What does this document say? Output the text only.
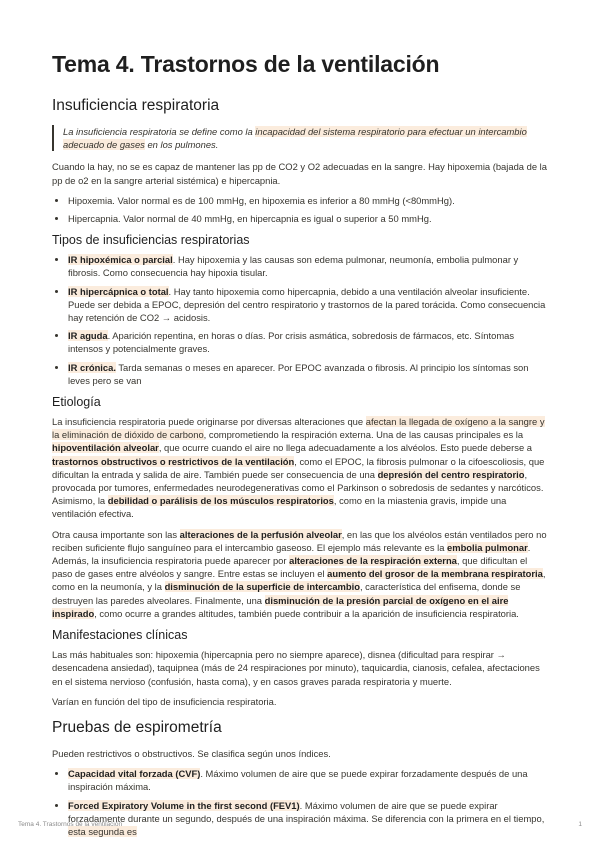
Tema 4. Trastornos de la ventilación
Insuficiencia respiratoria

La insuficiencia respiratoria se define como la incapacidad del sistema respiratorio para efectuar un intercambio adecuado de gases en los pulmones.

Cuando la hay, no se es capaz de mantener las pp de CO2 y O2 adecuadas en la sangre. Hay hipoxemia (bajada de la pp de o2 en la sangre arterial sistémica) e hipercapnia.

• Hipoxemia. Valor normal es de 100 mmHg, en hipoxemia es inferior a 80 mmHg (<80mmHg).
• Hipercapnia. Valor normal de 40 mmHg, en hipercapnia es igual o superior a 50 mmHg.
Tipos de insuficiencias respiratorias
• IR hipoxémica o parcial. Hay hipoxemia y las causas son edema pulmonar, neumonía, embolia pulmonar y fibrosis. Como consecuencia hay hipoxia tisular.
• IR hipercápnica o total. Hay tanto hipoxemia como hipercapnia, debido a una ventilación alveolar insuficiente. Puede ser debida a EPOC, depresión del centro respiratorio y trastornos de la pared torácida. Como consecuencia hay retención de CO2 → acidosis.
• IR aguda. Aparición repentina, en horas o días. Por crisis asmática, sobredosis de fármacos, etc. Síntomas intensos y potencialmente graves.
• IR crónica. Tarda semanas o meses en aparecer. Por EPOC avanzada o fibrosis. Al principio los síntomas son leves pero se van
Etiología

La insuficiencia respiratoria puede originarse por diversas alteraciones que afectan la llegada de oxígeno a la sangre y la eliminación de dióxido de carbono, comprometiendo la respiración externa. Una de las causas principales es la hipoventilación alveolar, que ocurre cuando el aire no llega adecuadamente a los alvéolos. Esto puede deberse a trastornos obstructivos o restrictivos de la ventilación, como el EPOC, la fibrosis pulmonar o la cifoescoliosis, que dificultan la entrada y salida de aire. También puede ser consecuencia de una depresión del centro respiratorio, provocada por tumores, enfermedades neurodegenerativas como el Parkinson o sobredosis de sedantes y narcóticos. Asimismo, la debilidad o parálisis de los músculos respiratorios, como en la miastenia gravis, impide una ventilación efectiva.

Otra causa importante son las alteraciones de la perfusión alveolar, en las que los alvéolos están ventilados pero no reciben suficiente flujo sanguíneo para el intercambio gaseoso. El ejemplo más relevante es la embolia pulmonar. Además, la insuficiencia respiratoria puede aparecer por alteraciones de la respiración externa, que dificultan el paso de gases entre alvéolos y sangre. Entre estas se incluyen el aumento del grosor de la membrana respiratoria, como en la neumonía, y la disminución de la superficie de intercambio, característica del enfisema, donde se destruyen las paredes alveolares. Finalmente, una disminución de la presión parcial de oxígeno en el aire inspirado, como ocurre a grandes altitudes, también puede contribuir a la aparición de insuficiencia respiratoria.

Manifestaciones clínicas

Las más habituales son: hipoxemia (hipercapnia pero no siempre aparece), disnea (dificultad para respirar → desencadena ansiedad), taquipnea (más de 24 respiraciones por minuto), taquicardia, cianosis, cefalea, afectaciones en el sistema nervioso (confusión, hasta coma), y en casos graves parada respiratoria y muerte.

Varían en función del tipo de insuficiencia respiratoria.

Pruebas de espirometría

Pueden restrictivos o obstructivos. Se clasifica según unos índices.

• Capacidad vital forzada (CVF). Máximo volumen de aire que se puede expirar forzadamente después de una inspiración máxima.
• Forced Expiratory Volume in the first second (FEV1). Máximo volumen de aire que se puede expirar forzadamente durante un segundo, después de una inspiración máxima. Se diferencia con la primera en el tiempo, esta segunda es
Tema 4. Trastornos de la ventilación	1
